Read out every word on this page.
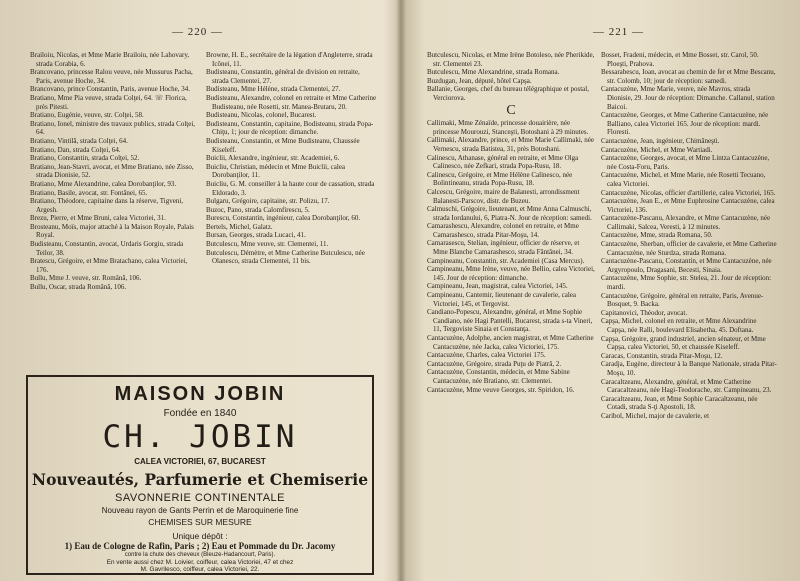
— 220 —

Brailoiu, Nicolas, et Mme Marie Brailoiu, née Lahovary, strada Corabia, 6.

Brancovano, princesse Ralou veuve, née Mussurus Pacha, Paris, avenue Hoche, 34.

Brancovano, prince Constantin, Paris, avenue Hoche, 34.

Bratiano, Mme Pia veuve, strada Colţei, 64. ☏ Florica, près Pitesti.

Bratiano, Eugénie, veuve, str. Colţei, 58.

Bratiano, Ionel, ministre des travaux publics, strada Colţei, 64.

Bratiano, Vintilă, strada Colţei, 64.

Bratiano, Dan, strada Colţei, 64.

Bratiano, Constantin, strada Colţei, 52.

Bratiano, Jean-Stavri, avocat, et Mme Bratiano, née Zisso, strada Dionisie, 52.

Bratiano, Mme Alexandrine, calea Dorobanţilor, 93.

Bratiano, Basile, avocat, str. Fontânei, 65.

Bratiano, Théodore, capitaine dans la réserve, Tigveni, Argesh.

Brezu, Pierre, et Mme Bruni, calea Victoriei, 31.

Brosteanu, Moïs, major attaché à la Maison Royale, Palais Royal.

Budisteanu, Constantin, avocat, Urdaris Gorgiu, strada Teilor, 38.

Bratescu, Grégoire, et Mme Bratachano, calea Victoriei, 176.

Bullu, Mme J. veuve, str. Română, 106.

Bullu, Oscar, strada Română, 106.

Browne, H. E., secrétaire de la légation d'Angleterre, strada Icônei, 11.

Budisteanu, Constantin, général de division en retraite, strada Clementei, 27.

Budisteanu, Mme Hélène, strada Clementei, 27.

Budisteanu, Alexandre, colonel en retraite et Mme Catherine Budisteanu, née Rosetti, str. Manea-Brutaru, 20.

Budisteanu, Nicolas, colonel, Bucarest.

Budisteanu, Constantin, capitaine, Bodisteanu, strada Popa-Chiţu, 1; jour de réception: dimanche.

Budisteanu, Constantin, et Mme Budisteanu, Chaussée Kiseleff.

Buiclii, Alexandre, ingénieur, str. Academiei, 6.

Buicliu, Christian, médecin et Mme Buiclii, calea Dorobanţilor, 11.

Buicliu, G. M. conseiller à la haute cour de cassation, strada Eldorado, 3.

Bulgaru, Grégoire, capitaine, str. Polizu, 17.

Buzoc, Pano, strada Calomfirescu, 5.

Burescu, Constantin, ingénieur, calea Dorobanţilor, 60.

Bertels, Michel, Galatz.

Bursan, Georges, strada Lucaci, 41.

Butculescu, Mme veuve, str. Clementei, 11.

Butculescu, Démètre, et Mme Catherine Butculescu, née Olanesco, strada Clementei, 11 bis.

MAISON JOBIN
Fondée en 1840
CH. JOBIN
CALEA VICTORIEI, 67, BUCAREST
Nouveautés, Parfumerie et Chemiserie
SAVONNERIE CONTINENTALE
Nouveau rayon de Gants Perrin et de Maroquinerie fine
CHEMISES SUR MESURE
Unique dépôt :
1) Eau de Cologne de Rafin, Paris ; 2) Eau et Pommade du Dr. Jacomy
contre la chute des cheveux (Bleuze-Hadancourt, Paris).
En vente aussi chez M. Loivier, coiffeur, calea Victoriei, 47 et chez
M. Gavrilesco, coiffeur, calea Victoriei, 22.
— 221 —

Butculescu, Nicolas, et Mme Irène Botoleso, née Pherikide, str. Clementei 23.

Butculescu, Mme Alexandrine, strada Romana.

Buzdugan, Jean, député, hôtel Capşa.

Ballanie, Georges, chef du bureau télégraphique et postal, Verciorova.

C

Callimaki, Mme Zénaïde, princesse douairière, née princesse Mourouzi, Stanceşti, Botoshani à 29 minutes.

Callimaki, Alexandre, prince, et Mme Marie Callimaki, née Vernescu, strada Batistea, 31, près Botoshani.

Calinescu, Athanase, général en retraite, et Mme Olga Calinesco, née Zefkari, strada Popa-Rusu, 18.

Calinescu, Grégoire, et Mme Hélène Calinesco, née Bolintineanu, strada Popa-Rusu, 18.

Calcescu, Grégoire, maire de Balanesti, arrondissment Balanesti-Parscov, distr. de Buzeu.

Calmuschi, Grégoire, lieutenant, et Mme Anna Calmuschi, strada Iordanului, 6, Piatra-N. Jour de réception: samedi.

Camarashescu, Alexandre, colonel en retraite, et Mme Camarashesco, strada Pitar-Moşu, 14.

Camarasescu, Stelian, ingénieur, officier de réserve, et Mme Blanche Camarashesco, strada Fântânei, 34.

Campineanu, Constantin, str. Academiei (Casa Mercus).

Campineanu, Mme Irène, veuve, née Bellio, calea Victoriei, 145. Jour de réception: dimanche.

Campineanu, Jean, magistrat, calea Victoriei, 145.

Campineanu, Cantemir, lieutenant de cavalerie, calea Victoriei, 145, et Tergovist.

Candiano-Popescu, Alexandre, général, et Mme Sophie Candiano, née Hagi Pantelli, Bucarest, strada s-ta Vineri, 11, Tergoviste Sinaia et Constanţa.

Cantacuzène, Adolphe, ancien magistrat, et Mme Catherine Cantacuzène, née Jacka, calea Victoriei, 175.

Cantacuzène, Charles, calea Victoriei 175.

Cantacuzène, Grégoire, strada Puţu de Piatră, 2.

Cantacuzène, Constantin, médecin, et Mme Sabine Cantacuzène, née Bratiano, str. Clementei.

Cantacuzène, Mme veuve Georges, str. Spiridon, 16.

Bosset, Fradeni, médecin, et Mme Bosset, str. Carol, 50. Ploeşti, Prahova.

Bessarabescu, Ioan, avocat au chemin de fer et Mme Bescanu, str. Colomb, 10; jour de réception: samedi.

Cantacuzène, Mme Marie, veuve, née Mavros, strada Dionisie, 29. Jour de réception: Dimanche. Callanul, station Baicoi.

Cantacuzène, Georges, et Mme Catherine Cantacuzène, née Balliano, calea Victoriei 165. Jour de réception: mardi. Floresti.

Cantacuzène, Jean, ingénieur, Chimăneşti.

Cantacuzène, Michel, et Mme Wartiadi.

Cantacuzène, Georges, avocat, et Mme Lintza Cantacuzène, née Costa-Foru, Paris.

Cantacuzène, Michel, et Mme Marie, née Rosetti Tecuano, calea Victoriei.

Cantacuzène, Nicolas, officier d'artillerie, calea Victoriei, 165.

Cantacuzène, Jean E., et Mme Euphrosine Cantacuzène, calea Victoriei, 136.

Cantacuzène-Pascanu, Alexandre, et Mme Cantacuzène, née Callimaki, Salcea, Veresti, à 12 minutes.

Cantacuzène, Mme, strada Romana, 50.

Cantacuzène, Sherban, officier de cavalerie, et Mme Catherine Cantacuzène, née Sturdza, strada Romana.

Cantacuzène-Pascanu, Constantin, et Mme Cantacuzène, née Argyropoulo, Dragasani, Becesti, Sinaia.

Cantacuzène, Mme Sophie, str. Stelea, 21. Jour de réception: mardi.

Cantacuzène, Grégoire, général en retraite, Paris, Avenue-Bosquet, 9. Backa.

Capitanovici, Théodor, avocat.

Capşa, Michel, colonel en retraite, et Mme Alexandrine Capşa, née Ralli, boulevard Elisabetha, 45. Doftana.

Capşa, Grégoire, grand industriel, ancien sénateur, et Mme Capşa, calea Victoriei, 50, et chaussée Kiseleff.

Caracas, Constantin, strada Pitar-Moşu, 12.

Caradja, Eugène, directeur à la Banque Nationale, strada Pitar-Moşu, 10.

Caracaltzeanu, Alexandre, général, et Mme Catherine Caracaltzeanu, née Hagi-Teodorache, str. Campineanu, 23.

Caracaltzeanu, Jean, et Mme Sophie Caracaltzeanu, née Cotadi, strada S-ţi Apostoli, 18.

Caribol, Michel, major de cavalerie, et
